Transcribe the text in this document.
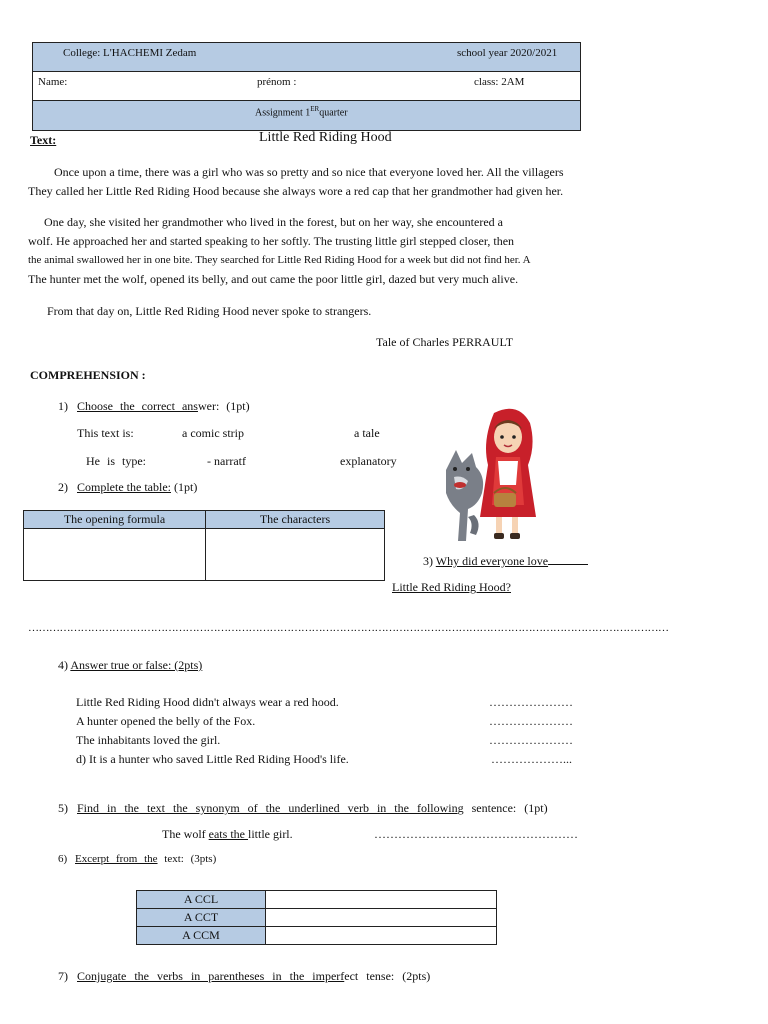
College: L'HACHEMI Zedam	school year 2020/2021
Name:	prénom :	class: 2AM
Assignment 1ERquarter
Text:	Little Red Riding Hood
Once upon a time, there was a girl who was so pretty and so nice that everyone loved her. All the villagers
They called her Little Red Riding Hood because she always wore a red cap that her grandmother had given her.
One day, she visited her grandmother who lived in the forest, but on her way, she encountered a
wolf. He approached her and started speaking to her softly. The trusting little girl stepped closer, then
the animal swallowed her in one bite. They searched for Little Red Riding Hood for a week but did not find her. A
The hunter met the wolf, opened its belly, and out came the poor little girl, dazed but very much alive.
From that day on, Little Red Riding Hood never spoke to strangers.
Tale of Charles PERRAULT
COMPREHENSION :
1) Choose the correct answer: (1pt)
This text is:	a comic strip	a tale
He is type:	- narratf	explanatory
2) Complete the table: (1pt)
The opening formula	The characters

3) Why did everyone love
Little Red Riding Hood?
…………………………………………………………………………………………………………………………………………………………………
4) Answer true or false: (2pts)
Little Red Riding Hood didn't always wear a red hood.	…………………
A hunter opened the belly of the Fox.	…………………
The inhabitants loved the girl.	…………………
d) It is a hunter who saved Little Red Riding Hood's life.	………………...
5) Find in the text the synonym of the underlined verb in the following sentence: (1pt)
The wolf eats the little girl.	……………………………………………
6) Excerpt from the text: (3pts)
A CCL	
A CCT	
A CCM	
7) Conjugate the verbs in parentheses in the imperfect tense: (2pts)
